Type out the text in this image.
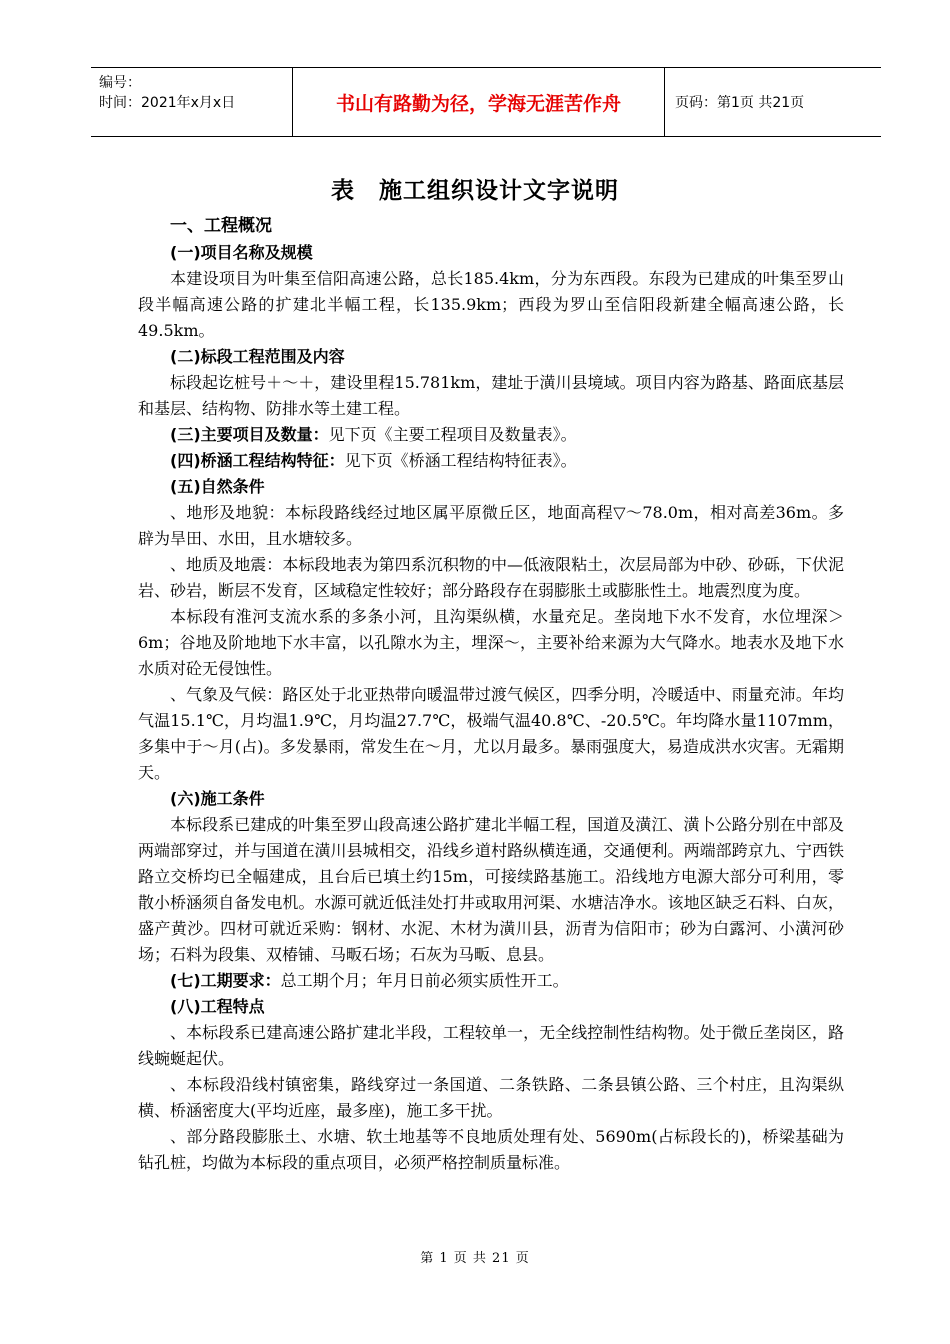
编号：
时间：2021年x月x日	书山有路勤为径，学海无涯苦作舟	页码：第1页 共21页
表　施工组织设计文字说明
一、工程概况
(一)项目名称及规模

本建设项目为叶集至信阳高速公路，总长185.4km，分为东西段。东段为已建成的叶集至罗山段半幅高速公路的扩建北半幅工程，长135.9km；西段为罗山至信阳段新建全幅高速公路，长49.5km。

(二)标段工程范围及内容

标段起讫桩号＋～＋，建设里程15.781km，建址于潢川县境域。项目内容为路基、路面底基层和基层、结构物、防排水等土建工程。

(三)主要项目及数量：见下页《主要工程项目及数量表》。
(四)桥涵工程结构特征：见下页《桥涵工程结构特征表》。
(五)自然条件

、地形及地貌：本标段路线经过地区属平原微丘区，地面高程▽～78.0m，相对高差36m。多辟为旱田、水田，且水塘较多。

、地质及地震：本标段地表为第四系沉积物的中—低液限粘土，次层局部为中砂、砂砾，下伏泥岩、砂岩，断层不发育，区域稳定性较好；部分路段存在弱膨胀土或膨胀性土。地震烈度为度。

本标段有淮河支流水系的多条小河，且沟渠纵横，水量充足。垄岗地下水不发育，水位埋深＞6m；谷地及阶地地下水丰富，以孔隙水为主，埋深～，主要补给来源为大气降水。地表水及地下水水质对砼无侵蚀性。

、气象及气候：路区处于北亚热带向暖温带过渡气候区，四季分明，冷暖适中、雨量充沛。年均气温15.1℃，月均温1.9℃，月均温27.7℃，极端气温40.8℃、-20.5℃。年均降水量1107mm，多集中于～月(占)。多发暴雨，常发生在～月，尤以月最多。暴雨强度大，易造成洪水灾害。无霜期天。

(六)施工条件

本标段系已建成的叶集至罗山段高速公路扩建北半幅工程，国道及潢江、潢卜公路分别在中部及两端部穿过，并与国道在潢川县城相交，沿线乡道村路纵横连通，交通便利。两端部跨京九、宁西铁路立交桥均已全幅建成，且台后已填土约15m，可接续路基施工。沿线地方电源大部分可利用，零散小桥涵须自备发电机。水源可就近低洼处打井或取用河渠、水塘洁净水。该地区缺乏石料、白灰，盛产黄沙。四材可就近采购：钢材、水泥、木材为潢川县，沥青为信阳市；砂为白露河、小潢河砂场；石料为段集、双椿铺、马畈石场；石灰为马畈、息县。

(七)工期要求：总工期个月；年月日前必须实质性开工。
(八)工程特点

、本标段系已建高速公路扩建北半段，工程较单一，无全线控制性结构物。处于微丘垄岗区，路线蜿蜒起伏。

、本标段沿线村镇密集，路线穿过一条国道、二条铁路、二条县镇公路、三个村庄，且沟渠纵横、桥涵密度大(平均近座，最多座)，施工多干扰。

、部分路段膨胀土、水塘、软土地基等不良地质处理有处、5690m(占标段长的)，桥梁基础为钻孔桩，均做为本标段的重点项目，必须严格控制质量标准。

第 1 页 共 21 页
